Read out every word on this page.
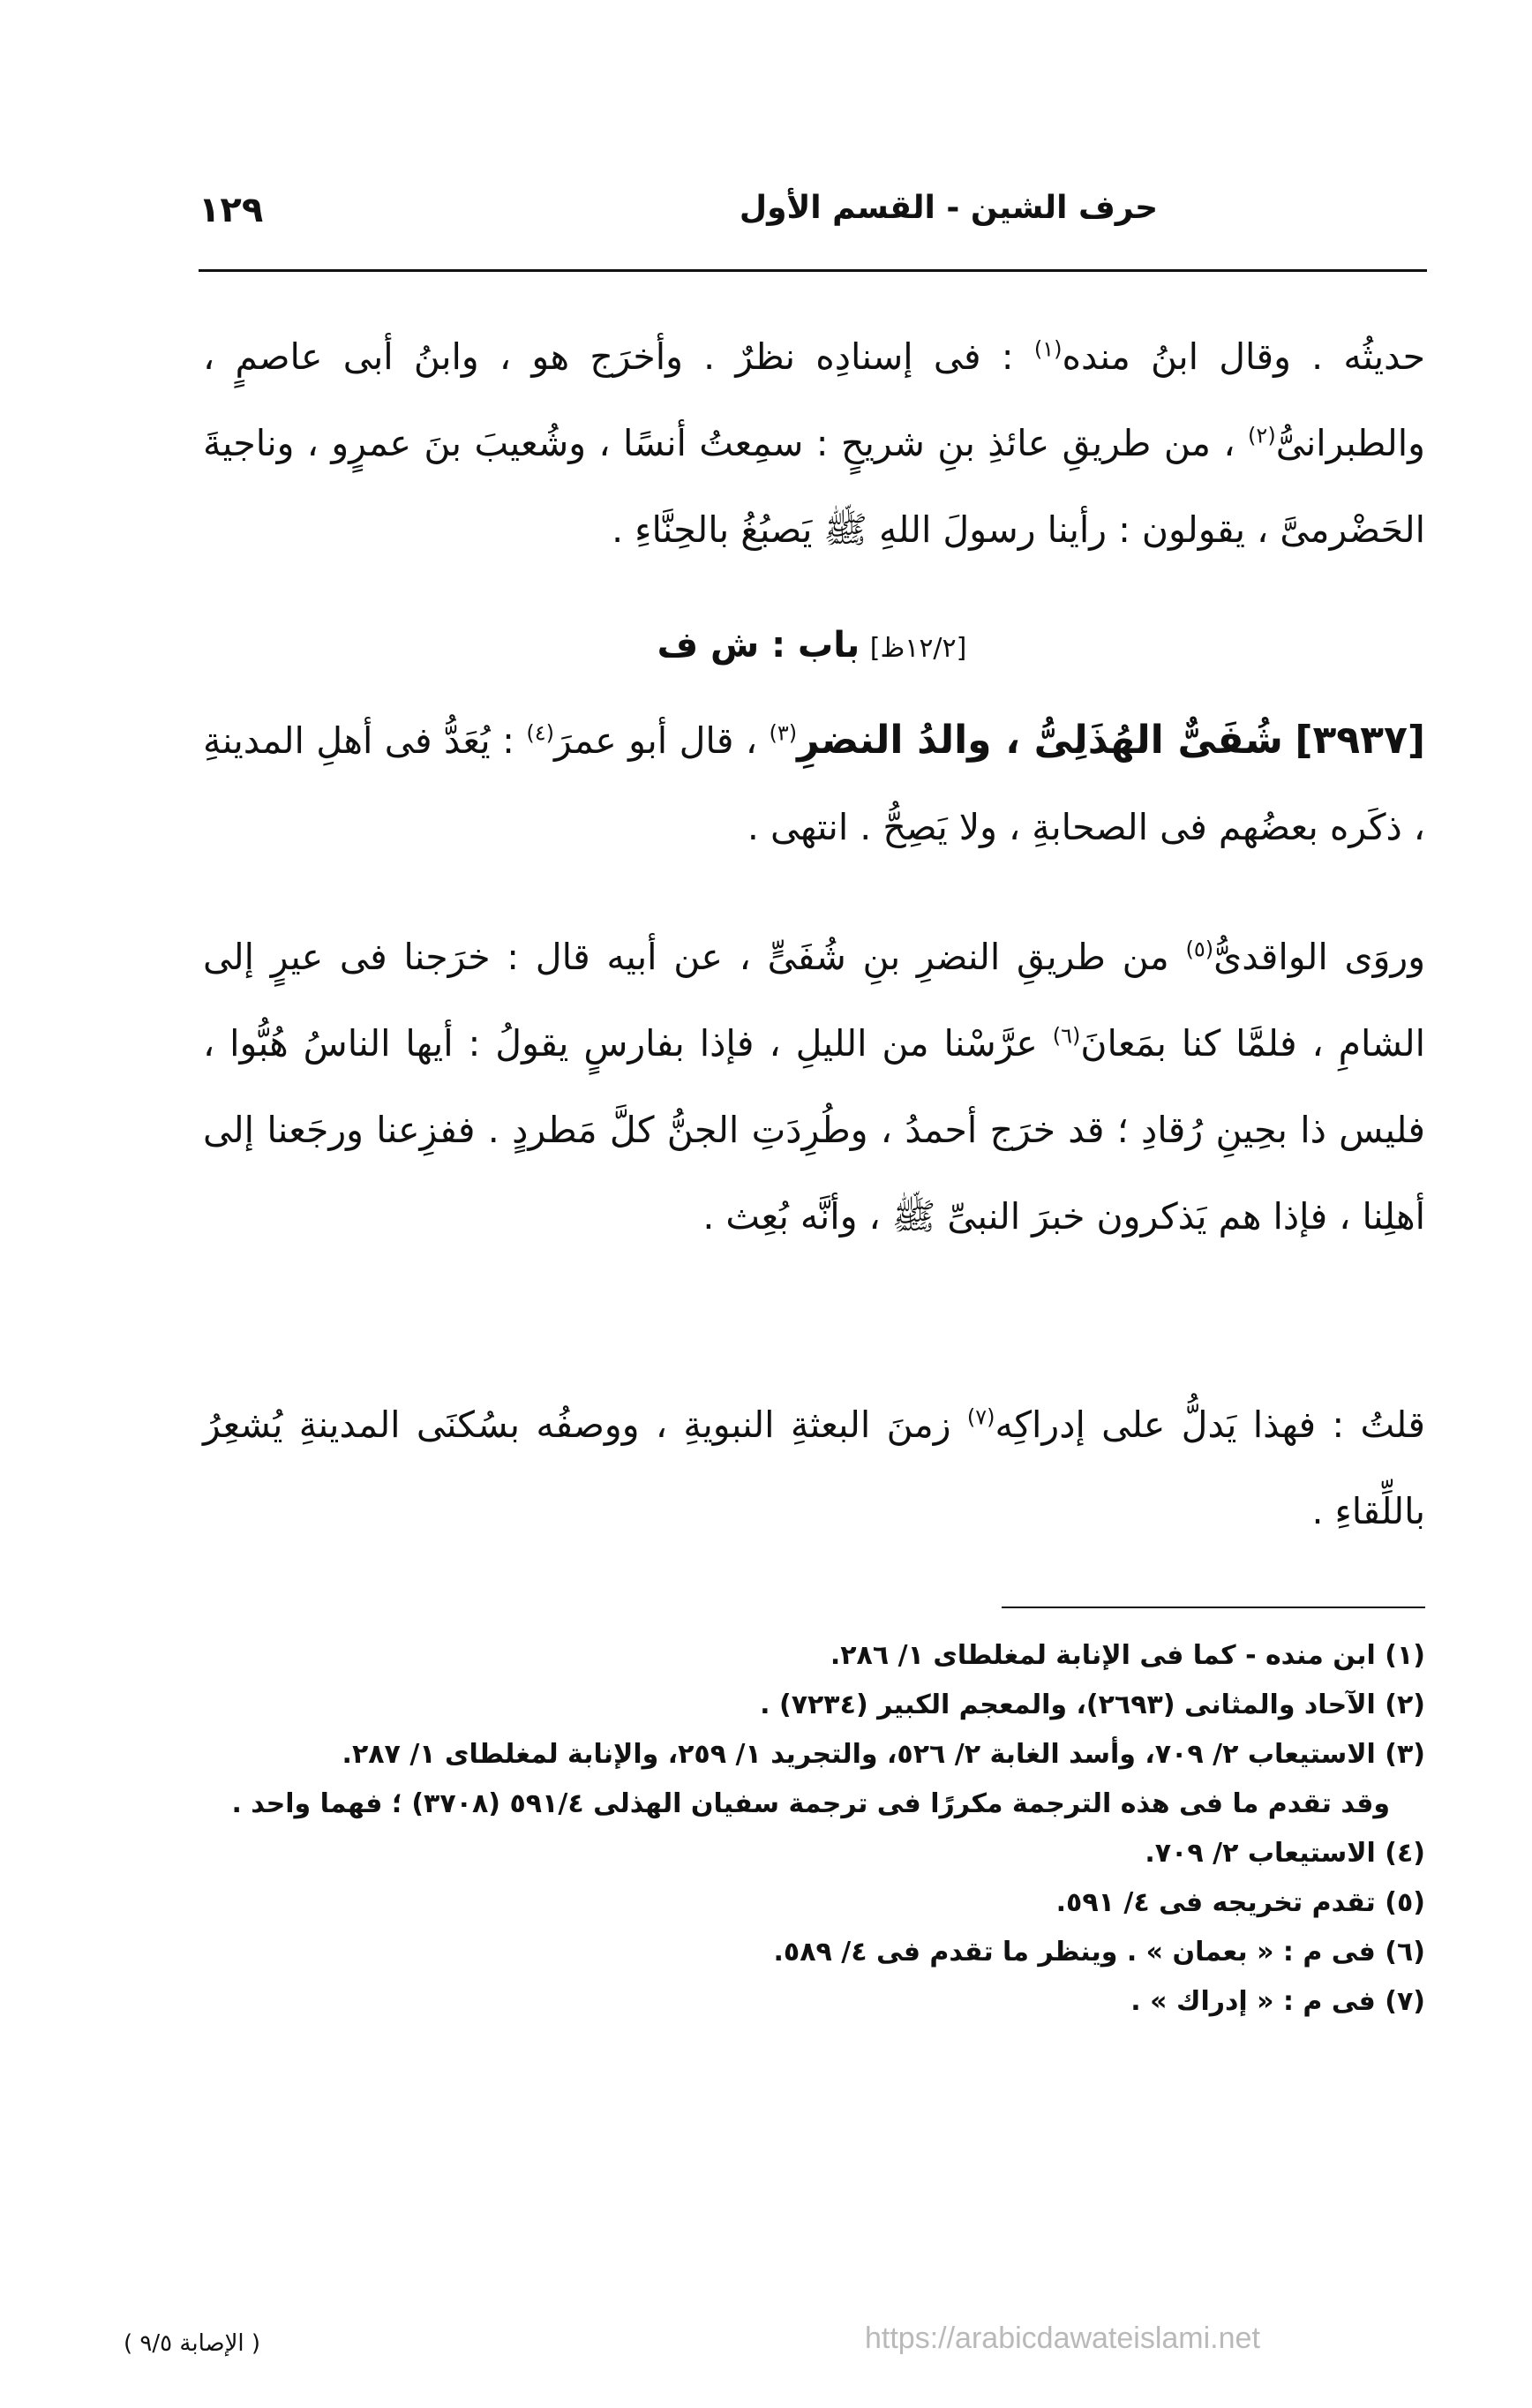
١٢٩	حرف الشين - القسم الأول
حديثُه . وقال ابنُ منده$^{(١)}$ : فى إسنادِه نظرٌ . وأخرَج هو ، وابنُ أبى عاصمٍ ، والطبرانىُّ$^{(٢)}$ ، من طريقِ عائذِ بنِ شريحٍ : سمِعتُ أنسًا ، وشُعيبَ بنَ عمرٍو ، وناجيةَ الحَضْرمىَّ ، يقولون : رأينا رسولَ اللهِ ﷺ يَصبُغُ بالحِنَّاءِ .
[١٢/٢ظ] باب : ش ف
[٣٩٣٧] شُفَىٌّ الهُذَلِىُّ ، والدُ النضرِ$^{(٣)}$ ، قال أبو عمرَ$^{(٤)}$ : يُعَدُّ فى أهلِ المدينةِ ، ذكَره بعضُهم فى الصحابةِ ، ولا يَصِحُّ . انتهى .
وروَى الواقدىُّ$^{(٥)}$ من طريقِ النضرِ بنِ شُفَىٍّ ، عن أبيه قال : خرَجنا فى عيرٍ إلى الشامِ ، فلمَّا كنا بمَعانَ$^{(٦)}$ عرَّسْنا من الليلِ ، فإذا بفارسٍ يقولُ : أيها الناسُ هُبُّوا ، فليس ذا بحِينِ رُقادِ ؛ قد خرَج أحمدُ ، وطُرِدَتِ الجنُّ كلَّ مَطردٍ . ففزِعنا ورجَعنا إلى أهلِنا ، فإذا هم يَذكرون خبرَ النبىِّ ﷺ ، وأنَّه بُعِث .
قلتُ : فهذا يَدلُّ على إدراكِه$^{(٧)}$ زمنَ البعثةِ النبويةِ ، ووصفُه بسُكنَى المدينةِ يُشعِرُ باللِّقاءِ .
(١) ابن منده - كما فى الإنابة لمغلطاى ١/ ٢٨٦.
(٢) الآحاد والمثانى (٢٦٩٣)، والمعجم الكبير (٧٢٣٤) .
(٣) الاستيعاب ٢/ ٧٠٩، وأسد الغابة ٢/ ٥٢٦، والتجريد ١/ ٢٥٩، والإنابة لمغلطاى ١/ ٢٨٧.
وقد تقدم ما فى هذه الترجمة مكررًا فى ترجمة سفيان الهذلى ٥٩١/٤ (٣٧٠٨) ؛ فهما واحد .
(٤) الاستيعاب ٢/ ٧٠٩.
(٥) تقدم تخريجه فى ٤/ ٥٩١.
(٦) فى م : « بعمان » . وينظر ما تقدم فى ٤/ ٥٨٩.
(٧) فى م : « إدراك » .
( الإصابة ٩/٥ )	https://arabicdawateislami.net
